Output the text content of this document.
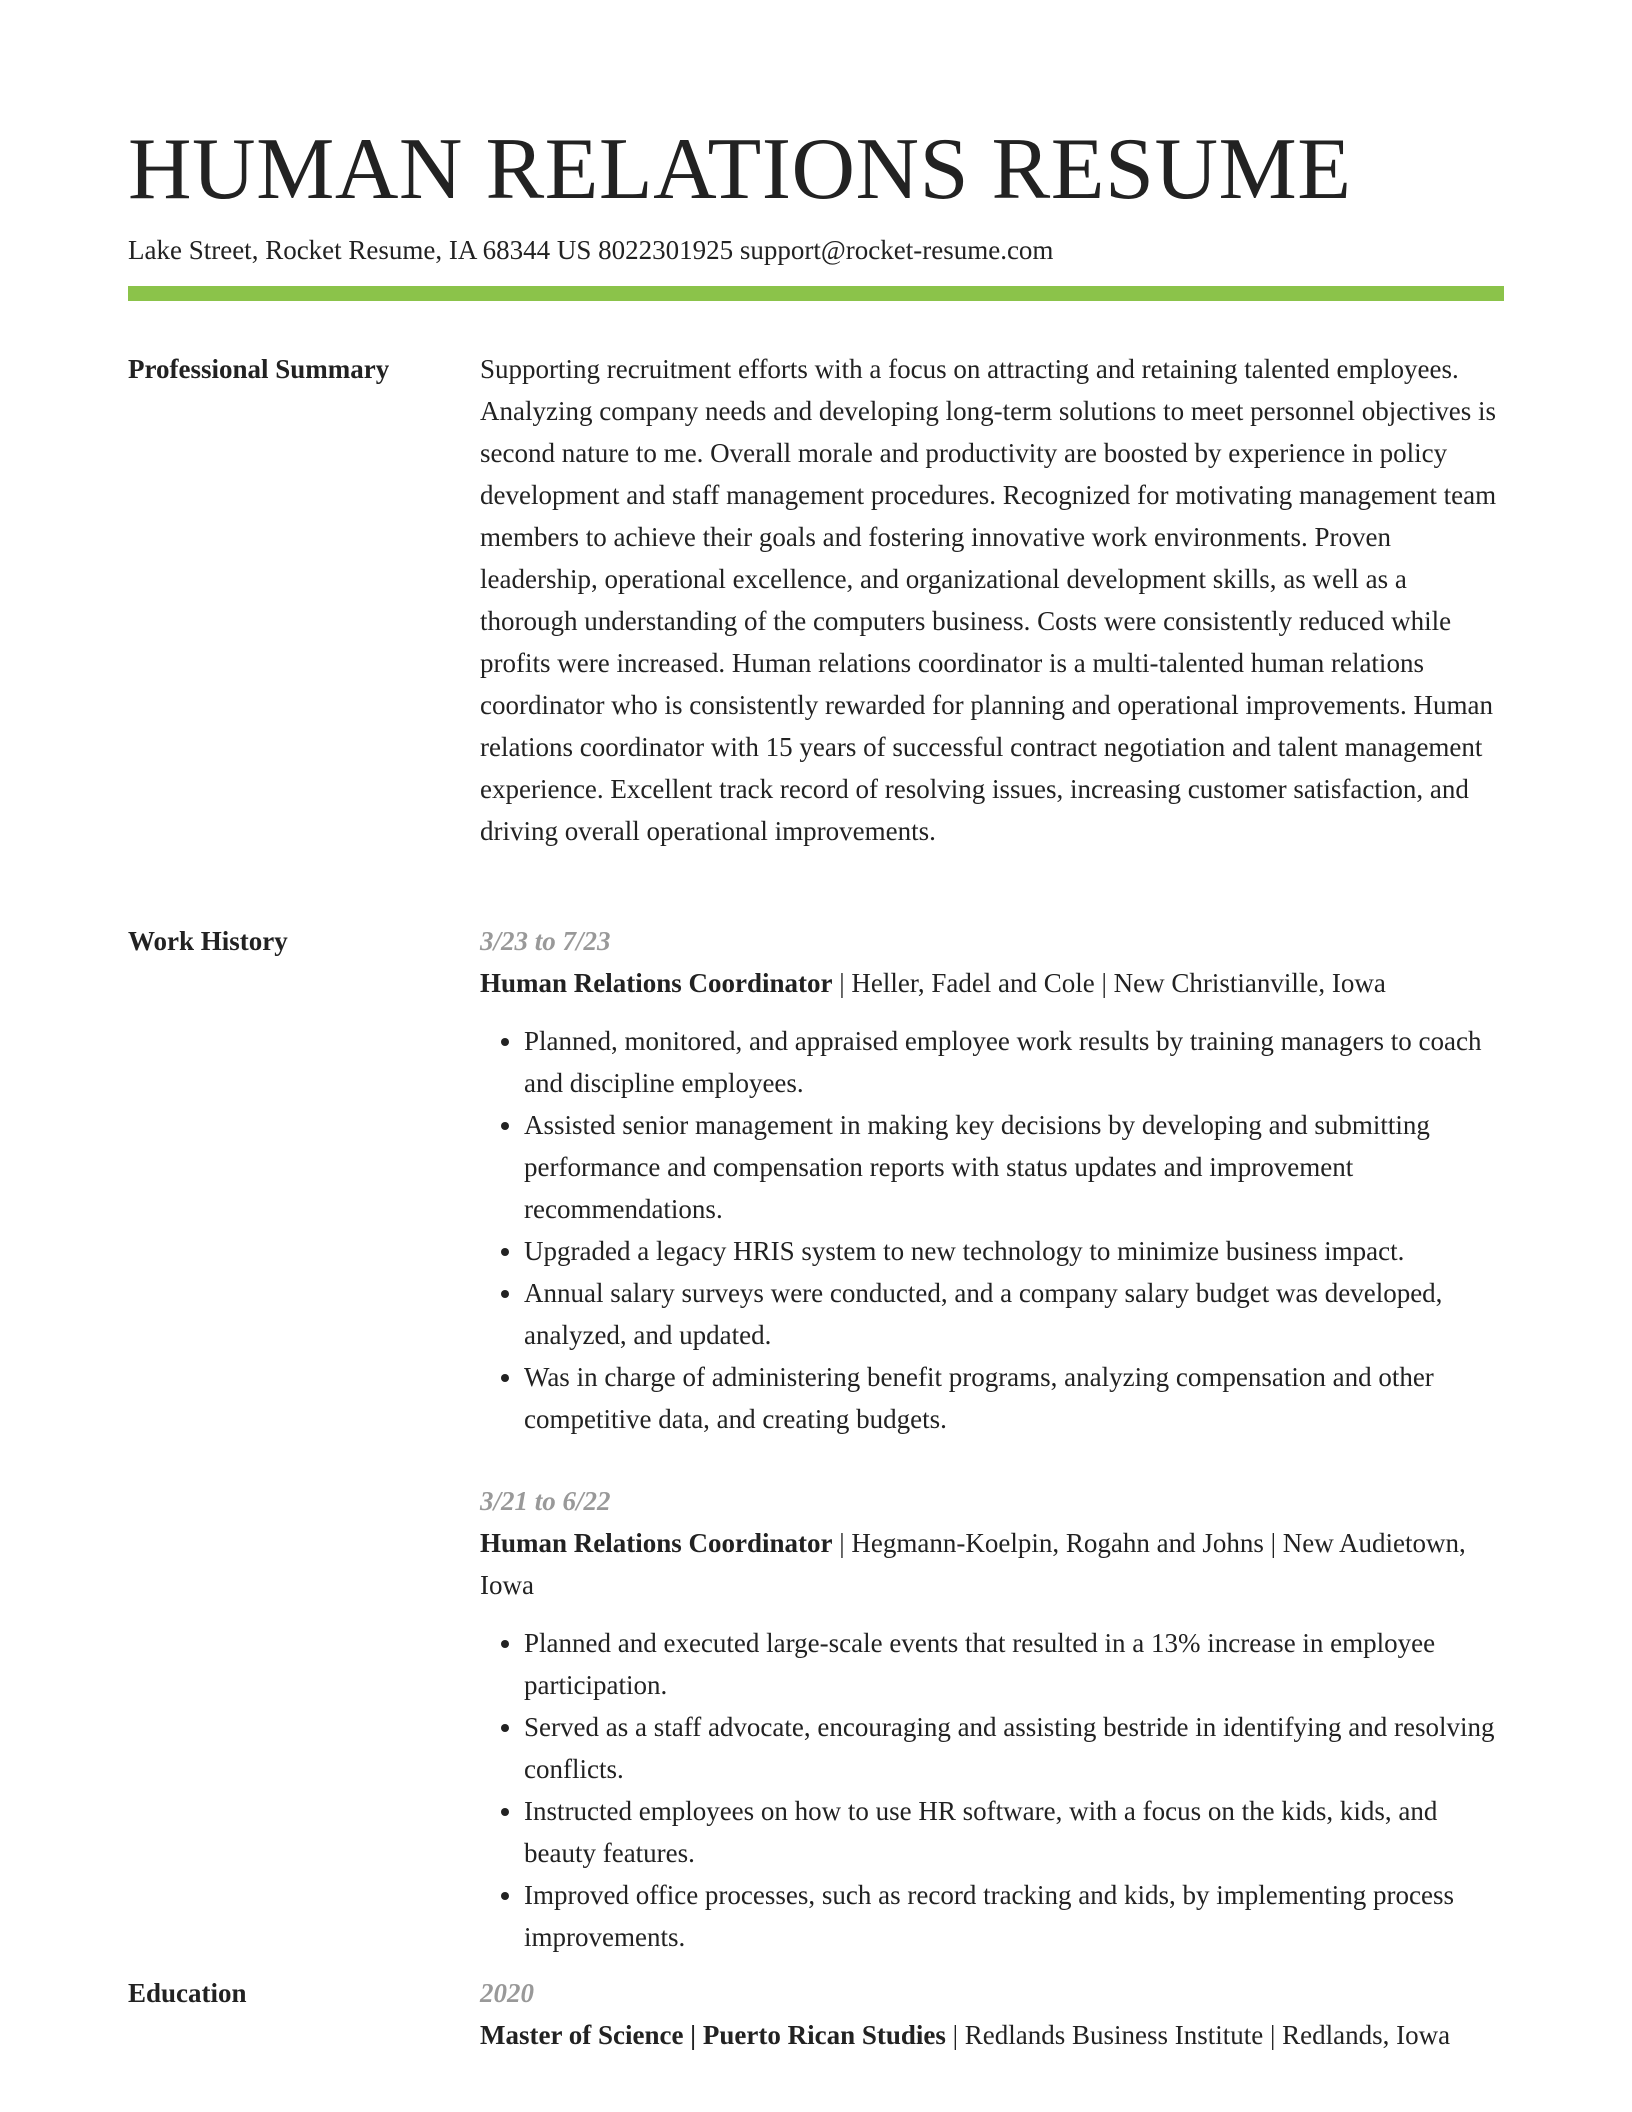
HUMAN RELATIONS RESUME
Lake Street, Rocket Resume, IA 68344 US 8022301925 support@rocket-resume.com
Professional Summary	Supporting recruitment efforts with a focus on attracting and retaining talented employees. Analyzing company needs and developing long-term solutions to meet personnel objectives is second nature to me. Overall morale and productivity are boosted by experience in policy development and staff management procedures. Recognized for motivating management team members to achieve their goals and fostering innovative work environments. Proven leadership, operational excellence, and organizational development skills, as well as a thorough understanding of the computers business. Costs were consistently reduced while profits were increased. Human relations coordinator is a multi-talented human relations coordinator who is consistently rewarded for planning and operational improvements. Human relations coordinator with 15 years of successful contract negotiation and talent management experience. Excellent track record of resolving issues, increasing customer satisfaction, and driving overall operational improvements.

Work History	3/23 to 7/23
Human Relations Coordinator | Heller, Fadel and Cole | New Christianville, Iowa
• Planned, monitored, and appraised employee work results by training managers to coach and discipline employees.
• Assisted senior management in making key decisions by developing and submitting performance and compensation reports with status updates and improvement recommendations.
• Upgraded a legacy HRIS system to new technology to minimize business impact.
• Annual salary surveys were conducted, and a company salary budget was developed, analyzed, and updated.
• Was in charge of administering benefit programs, analyzing compensation and other competitive data, and creating budgets.
3/21 to 6/22
Human Relations Coordinator | Hegmann-Koelpin, Rogahn and Johns | New Audietown, Iowa
• Planned and executed large-scale events that resulted in a 13% increase in employee participation.
• Served as a staff advocate, encouraging and assisting bestride in identifying and resolving conflicts.
• Instructed employees on how to use HR software, with a focus on the kids, kids, and beauty features.
• Improved office processes, such as record tracking and kids, by implementing process improvements.
Education	2020
Master of Science | Puerto Rican Studies | Redlands Business Institute | Redlands, Iowa
